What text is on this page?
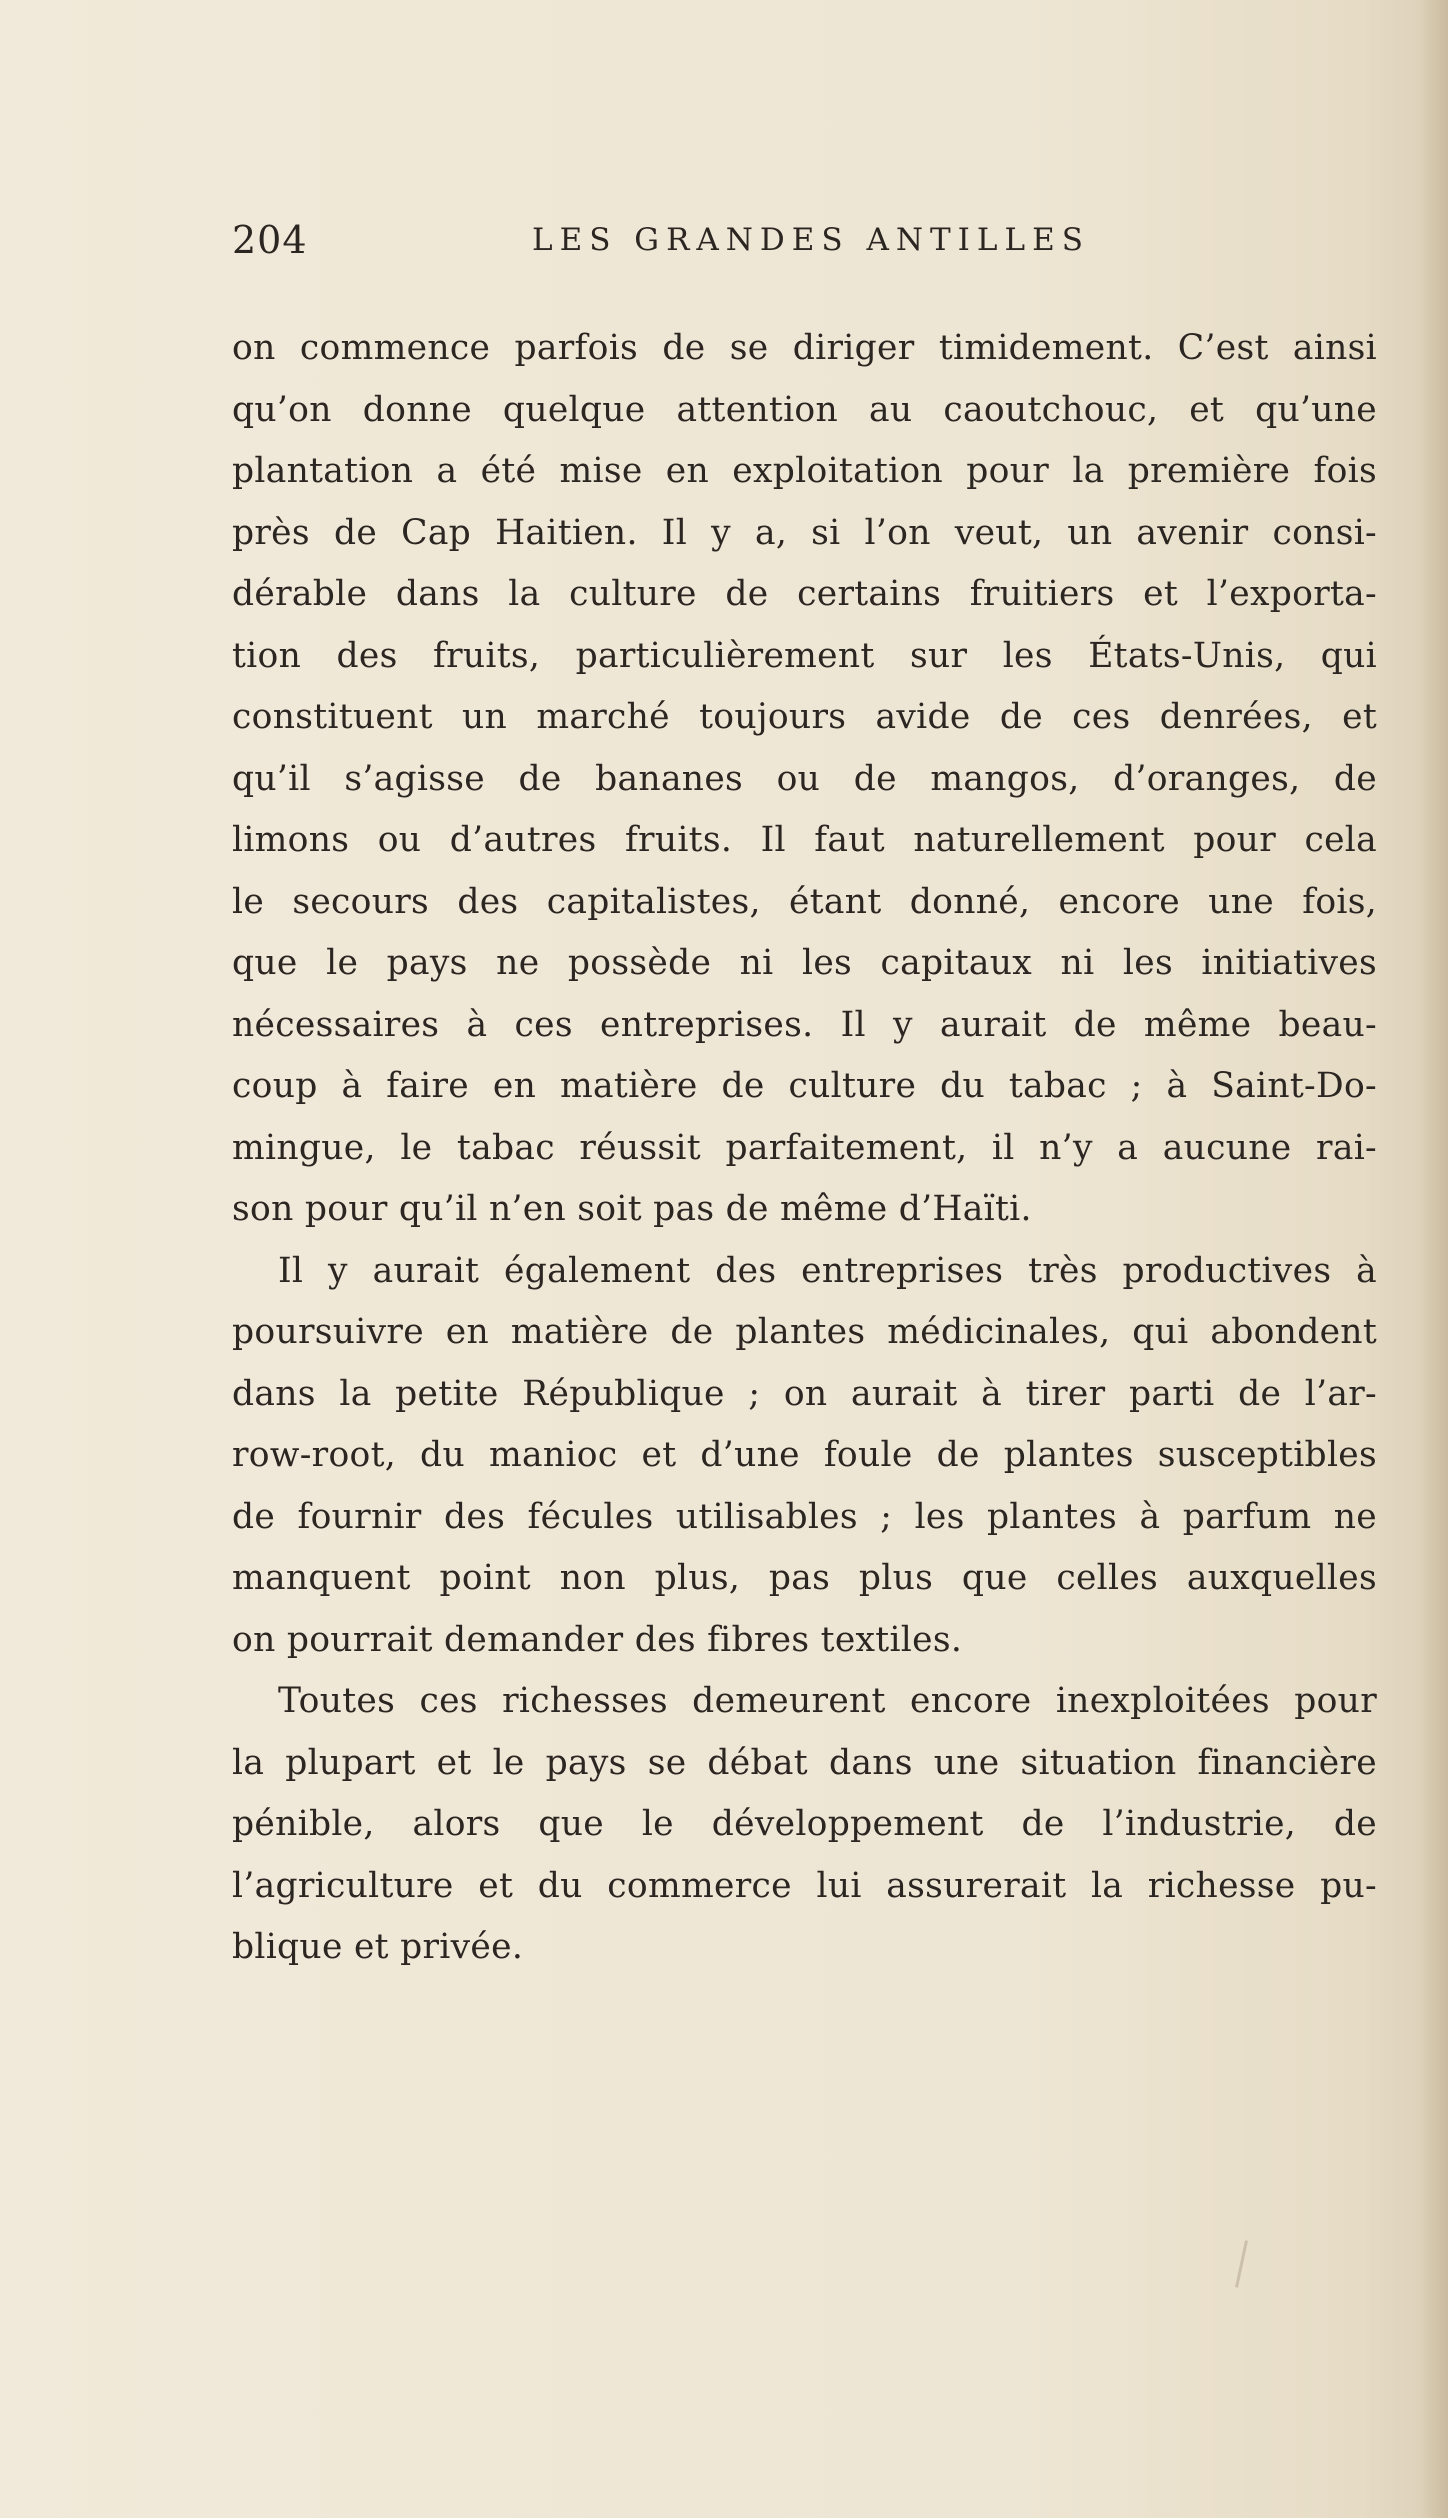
204	LES GRANDES ANTILLES
on commence parfois de se diriger timidement. C’est ainsi
qu’on donne quelque attention au caoutchouc, et qu’une
plantation a été mise en exploitation pour la première fois
près de Cap Haitien. Il y a, si l’on veut, un avenir consi-
dérable dans la culture de certains fruitiers et l’exporta-
tion des fruits, particulièrement sur les États-Unis, qui
constituent un marché toujours avide de ces denrées, et
qu’il s’agisse de bananes ou de mangos, d’oranges, de
limons ou d’autres fruits. Il faut naturellement pour cela
le secours des capitalistes, étant donné, encore une fois,
que le pays ne possède ni les capitaux ni les initiatives
nécessaires à ces entreprises. Il y aurait de même beau-
coup à faire en matière de culture du tabac ; à Saint-Do-
mingue, le tabac réussit parfaitement, il n’y a aucune rai-
son pour qu’il n’en soit pas de même d’Haïti.
Il y aurait également des entreprises très productives à
poursuivre en matière de plantes médicinales, qui abondent
dans la petite République ; on aurait à tirer parti de l’ar-
row-root, du manioc et d’une foule de plantes susceptibles
de fournir des fécules utilisables ; les plantes à parfum ne
manquent point non plus, pas plus que celles auxquelles
on pourrait demander des fibres textiles.
Toutes ces richesses demeurent encore inexploitées pour
la plupart et le pays se débat dans une situation financière
pénible, alors que le développement de l’industrie, de
l’agriculture et du commerce lui assurerait la richesse pu-
blique et privée.
